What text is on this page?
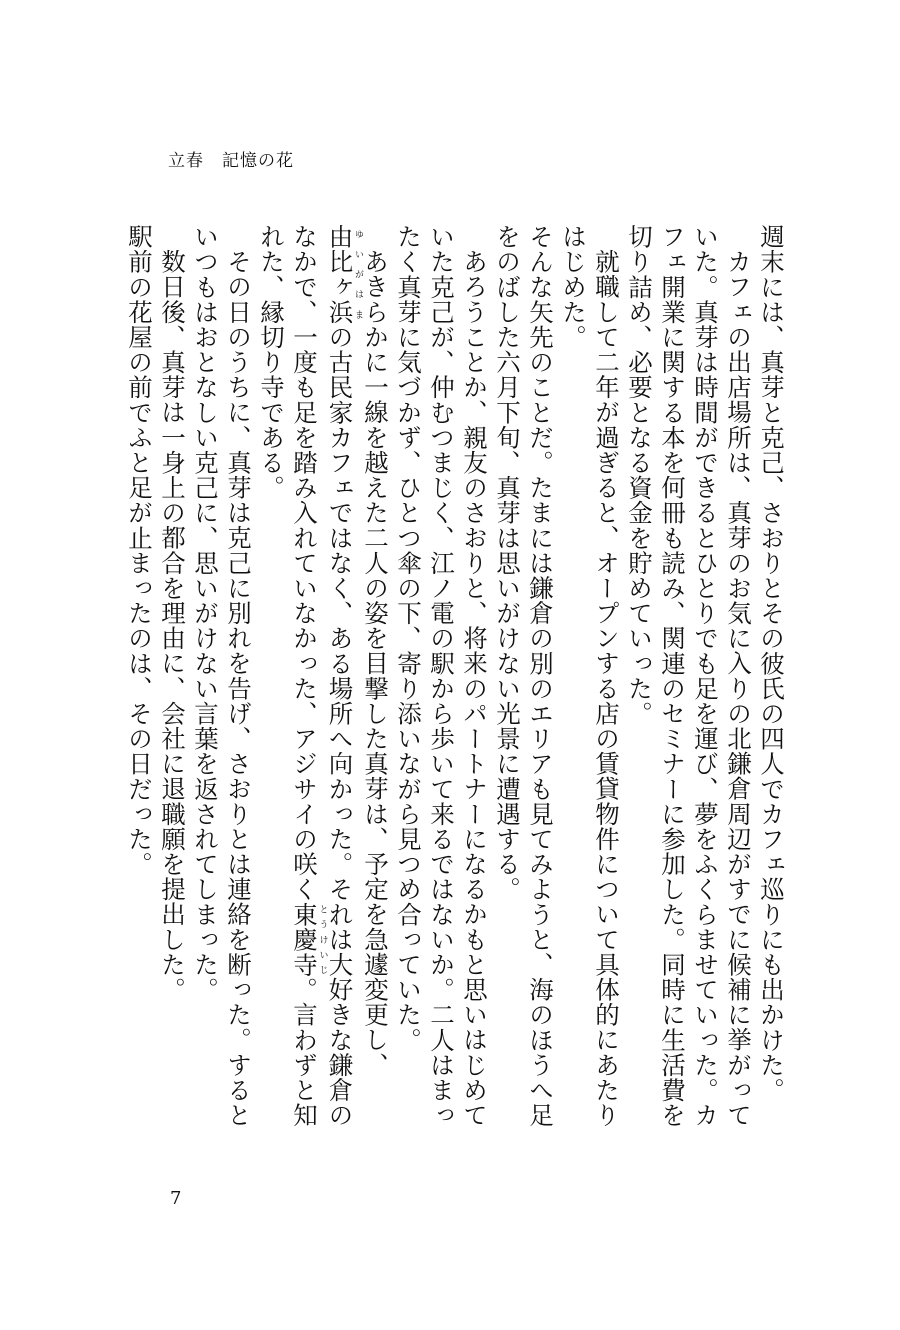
立春　記憶の花

週末には、真芽と克己、さおりとその彼氏の四人でカフェ巡りにも出かけた。

カフェの出店場所は、真芽のお気に入りの北鎌倉周辺がすでに候補に挙がっていた。真芽は時間ができるとひとりでも足を運び、夢をふくらませていった。カフェ開業に関する本を何冊も読み、関連のセミナーに参加した。同時に生活費を切り詰め、必要となる資金を貯めていった。

就職して二年が過ぎると、オープンする店の賃貸物件について具体的にあたりはじめた。

そんな矢先のことだ。たまには鎌倉の別のエリアも見てみようと、海のほうへ足をのばした六月下旬、真芽は思いがけない光景に遭遇する。

あろうことか、親友のさおりと、将来のパートナーになるかもと思いはじめていた克己が、仲むつまじく、江ノ電の駅から歩いて来るではないか。二人はまったく真芽に気づかず、ひとつ傘の下、寄り添いながら見つめ合っていた。

あきらかに一線を越えた二人の姿を目撃した真芽は、予定を急遽変更し、由比ヶ浜ゆいがはまの古民家カフェではなく、ある場所へ向かった。それは大好きな鎌倉のなかで、一度も足を踏み入れていなかった、アジサイの咲く東慶寺とうけいじ。言わずと知れた、縁切り寺である。

その日のうちに、真芽は克己に別れを告げ、さおりとは連絡を断った。するといつもはおとなしい克己に、思いがけない言葉を返されてしまった。

数日後、真芽は一身上の都合を理由に、会社に退職願を提出した。

駅前の花屋の前でふと足が止まったのは、その日だった。

7
